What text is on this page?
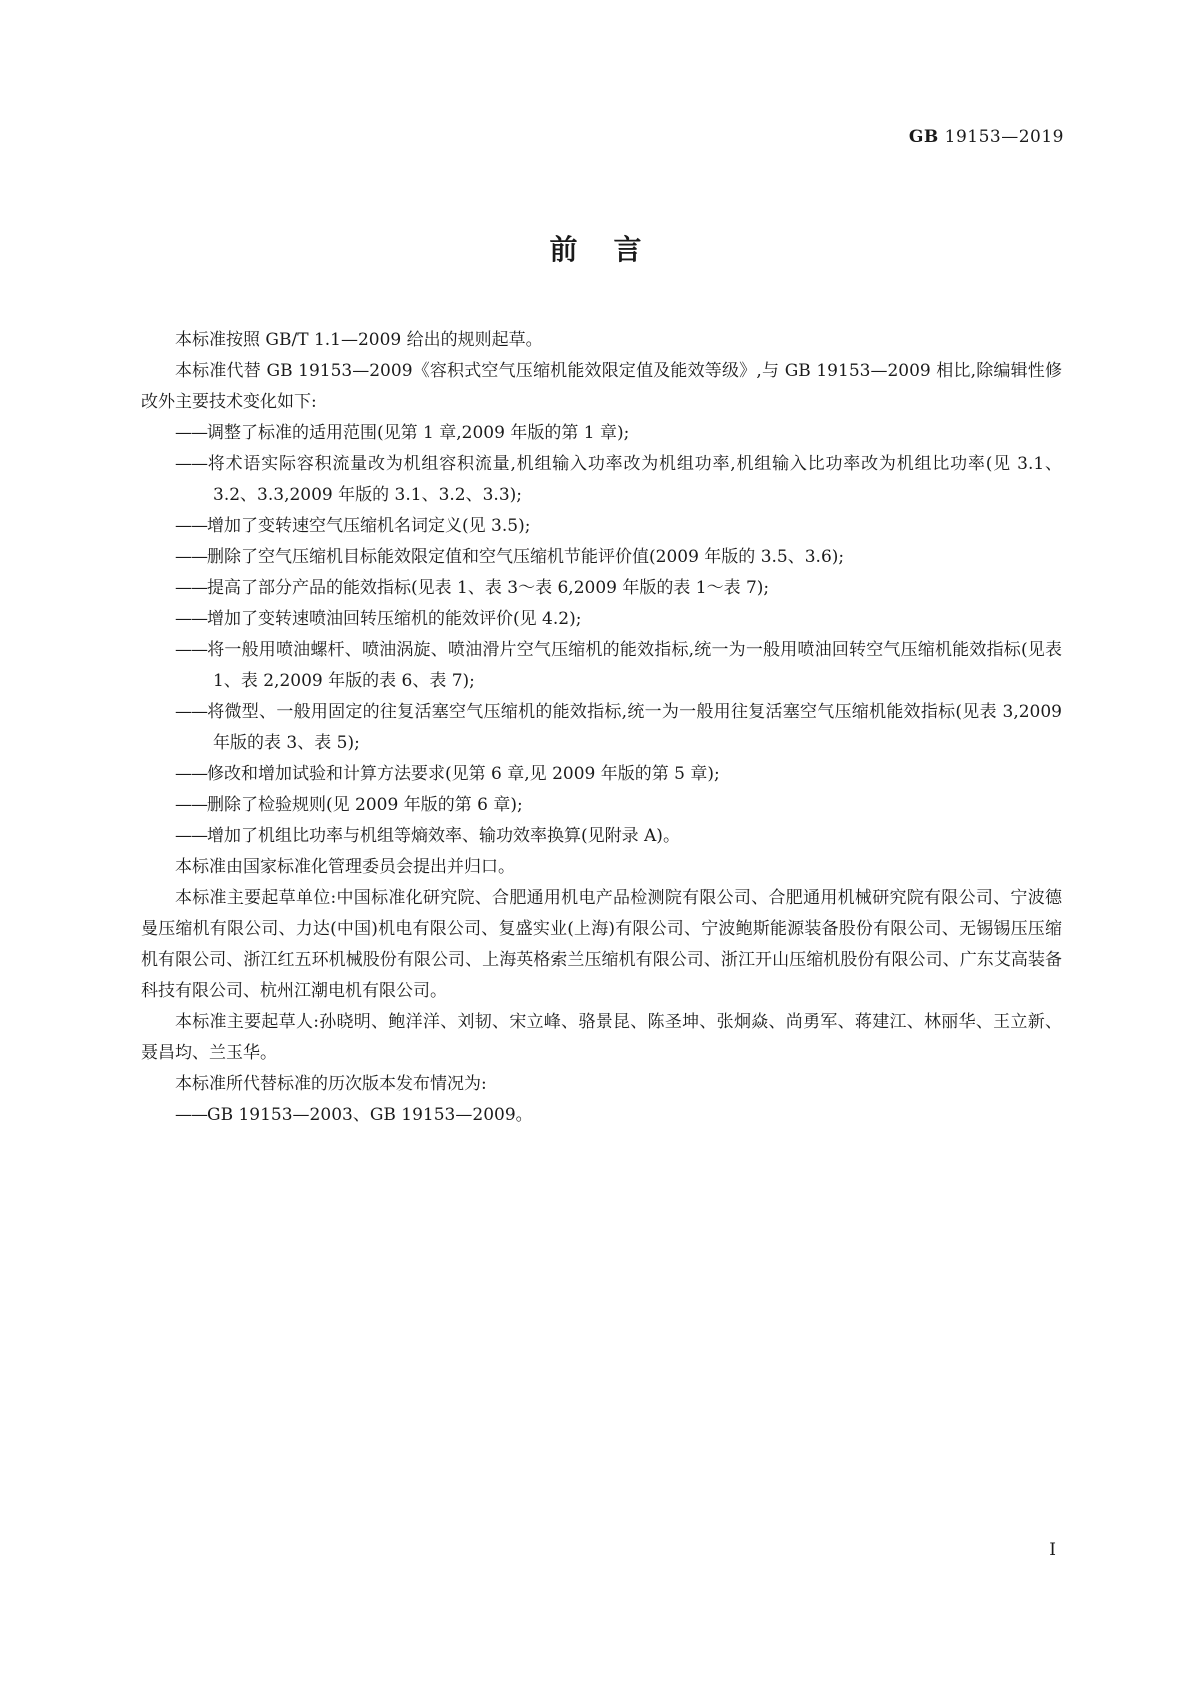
GB 19153—2019
前言

本标准按照 GB/T 1.1—2009 给出的规则起草。

本标准代替 GB 19153—2009《容积式空气压缩机能效限定值及能效等级》,与 GB 19153—2009 相比,除编辑性修改外主要技术变化如下:

——调整了标准的适用范围(见第 1 章,2009 年版的第 1 章);

——将术语实际容积流量改为机组容积流量,机组输入功率改为机组功率,机组输入比功率改为机组比功率(见 3.1、3.2、3.3,2009 年版的 3.1、3.2、3.3);

——增加了变转速空气压缩机名词定义(见 3.5);

——删除了空气压缩机目标能效限定值和空气压缩机节能评价值(2009 年版的 3.5、3.6);

——提高了部分产品的能效指标(见表 1、表 3～表 6,2009 年版的表 1～表 7);

——增加了变转速喷油回转压缩机的能效评价(见 4.2);

——将一般用喷油螺杆、喷油涡旋、喷油滑片空气压缩机的能效指标,统一为一般用喷油回转空气压缩机能效指标(见表 1、表 2,2009 年版的表 6、表 7);

——将微型、一般用固定的往复活塞空气压缩机的能效指标,统一为一般用往复活塞空气压缩机能效指标(见表 3,2009 年版的表 3、表 5);

——修改和增加试验和计算方法要求(见第 6 章,见 2009 年版的第 5 章);

——删除了检验规则(见 2009 年版的第 6 章);

——增加了机组比功率与机组等熵效率、输功效率换算(见附录 A)。

本标准由国家标准化管理委员会提出并归口。

本标准主要起草单位:中国标准化研究院、合肥通用机电产品检测院有限公司、合肥通用机械研究院有限公司、宁波德曼压缩机有限公司、力达(中国)机电有限公司、复盛实业(上海)有限公司、宁波鲍斯能源装备股份有限公司、无锡锡压压缩机有限公司、浙江红五环机械股份有限公司、上海英格索兰压缩机有限公司、浙江开山压缩机股份有限公司、广东艾高装备科技有限公司、杭州江潮电机有限公司。

本标准主要起草人:孙晓明、鲍洋洋、刘韧、宋立峰、骆景昆、陈圣坤、张炯焱、尚勇军、蒋建江、林丽华、王立新、聂昌均、兰玉华。

本标准所代替标准的历次版本发布情况为:

——GB 19153—2003、GB 19153—2009。

I
